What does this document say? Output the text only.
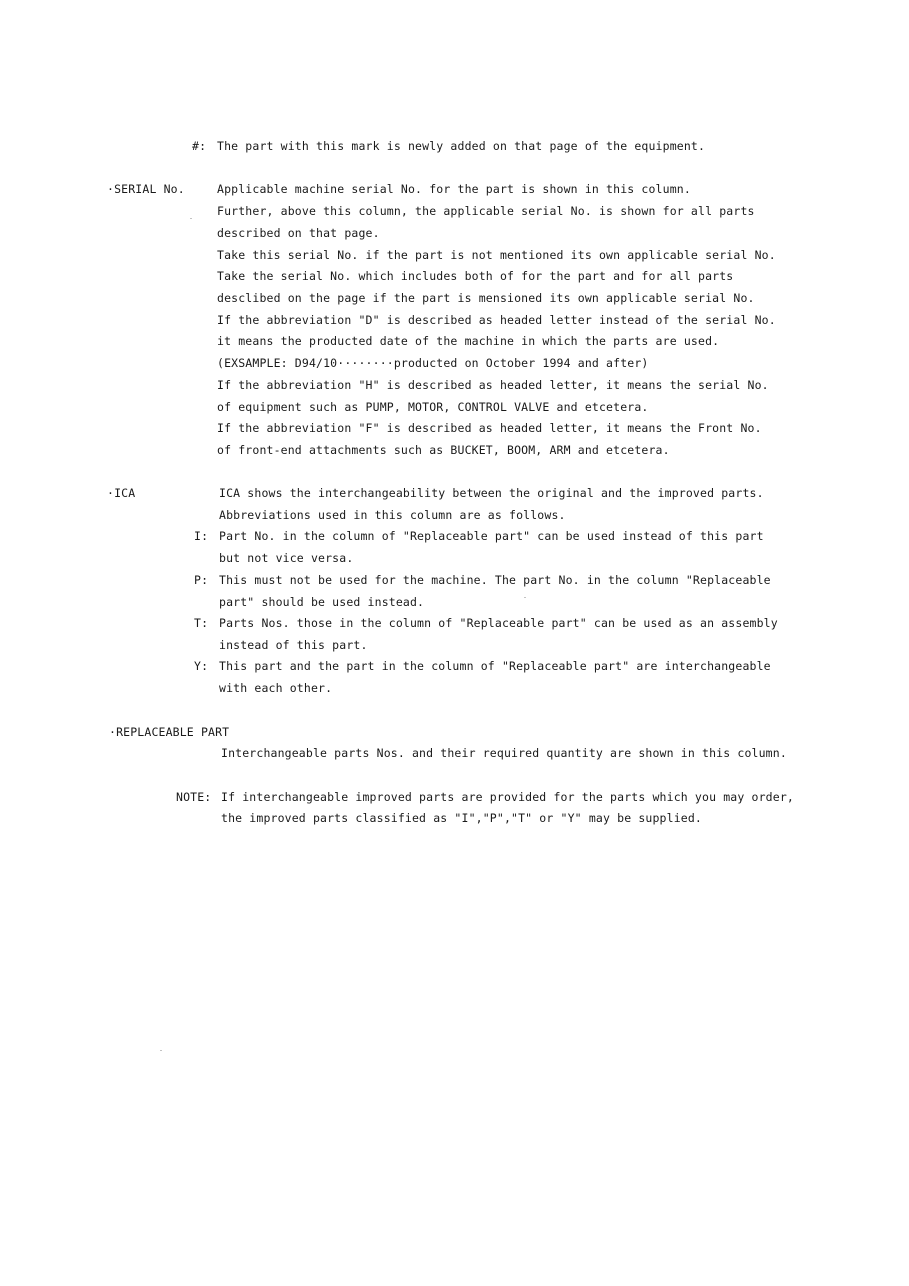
#: The part with this mark is newly added on that page of the equipment.
·SERIAL No.	Applicable machine serial No. for the part is shown in this column.
Further, above this column, the applicable serial No. is shown for all parts
described on that page.
Take this serial No. if the part is not mentioned its own applicable serial No.
Take the serial No. which includes both of for the part and for all parts
desclibed on the page if the part is mensioned its own applicable serial No.
If the abbreviation "D" is described as headed letter instead of the serial No.
it means the producted date of the machine in which the parts are used.
(EXSAMPLE: D94/10········producted on October 1994 and after)
If the abbreviation "H" is described as headed letter, it means the serial No.
of equipment such as PUMP, MOTOR, CONTROL VALVE and etcetera.
If the abbreviation "F" is described as headed letter, it means the Front No.
of front-end attachments such as BUCKET, BOOM, ARM and etcetera.
·ICA	ICA shows the interchangeability between the original and the improved parts.
Abbreviations used in this column are as follows.
I: Part No. in the column of "Replaceable part" can be used instead of this part
but not vice versa.
P: This must not be used for the machine. The part No. in the column "Replaceable
part" should be used instead.
T: Parts Nos. those in the column of "Replaceable part" can be used as an assembly
instead of this part.
Y: This part and the part in the column of "Replaceable part" are interchangeable
with each other.
·REPLACEABLE PART
Interchangeable parts Nos. and their required quantity are shown in this column.
NOTE: If interchangeable improved parts are provided for the parts which you may order,
the improved parts classified as "I","P","T" or "Y" may be supplied.
